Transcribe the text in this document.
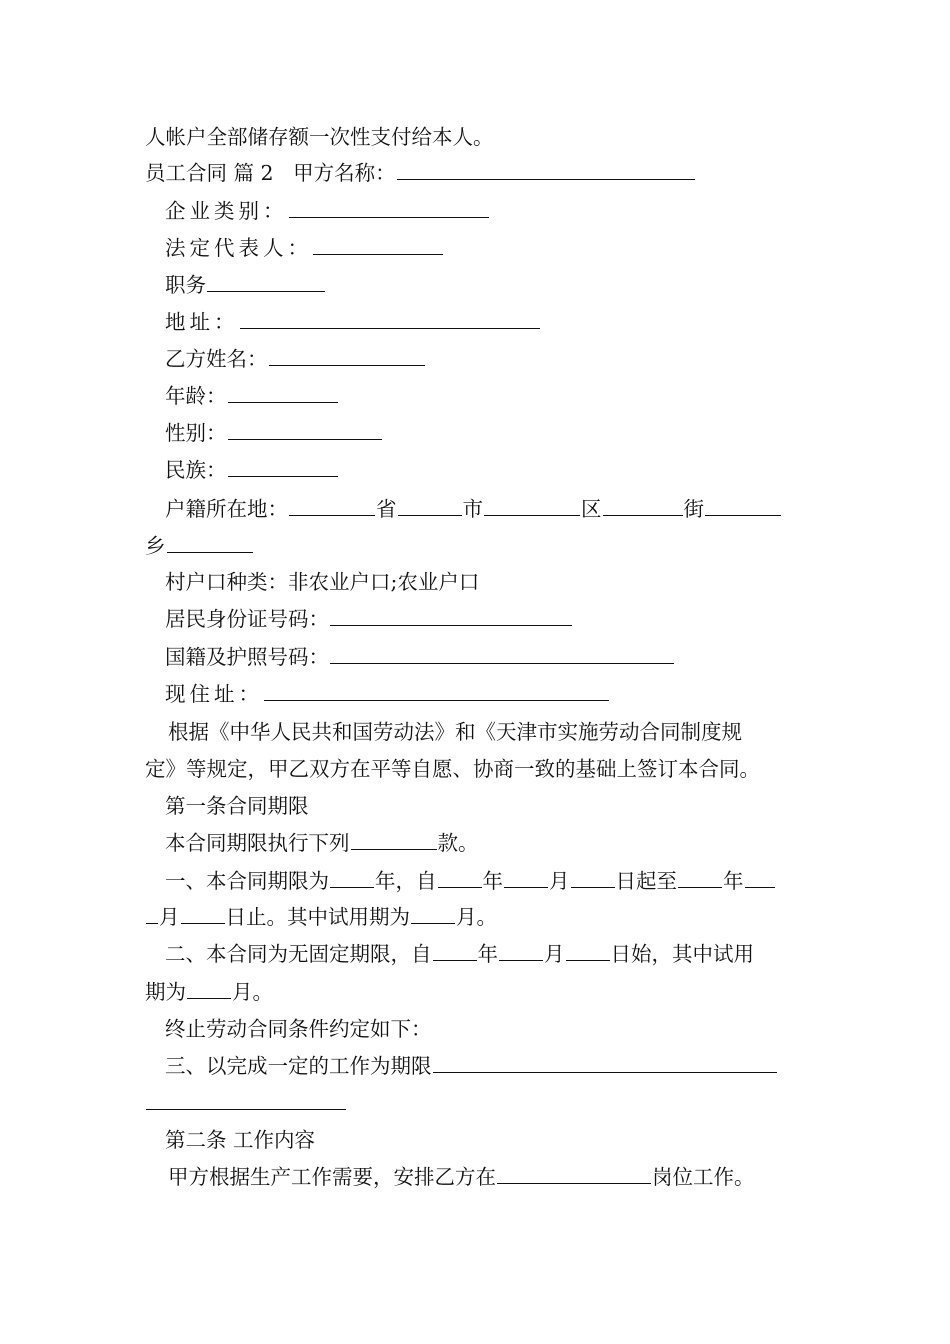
人帐户全部储存额一次性支付给本人。
员工合同 篇 2 甲方名称：
企业类别：
法定代表人：
职务
地址：
乙方姓名：
年龄：
性别：
民族：
户籍所在地：	省	市	区	街
乡
村户口种类：非农业户口;农业户口
居民身份证号码：
国籍及护照号码：
现住址：
根据《中华人民共和国劳动法》和《天津市实施劳动合同制度规
定》等规定，甲乙双方在平等自愿、协商一致的基础上签订本合同。
第一条合同期限
本合同期限执行下列	款。
一、本合同期限为 年，自 年 月 日起至 年
月 日止。其中试用期为 月。
二、本合同为无固定期限，自 年 月 日始，其中试用
期为 月。
终止劳动合同条件约定如下：
三、以完成一定的工作为期限
第二条 工作内容
甲方根据生产工作需要，安排乙方在	岗位工作。
